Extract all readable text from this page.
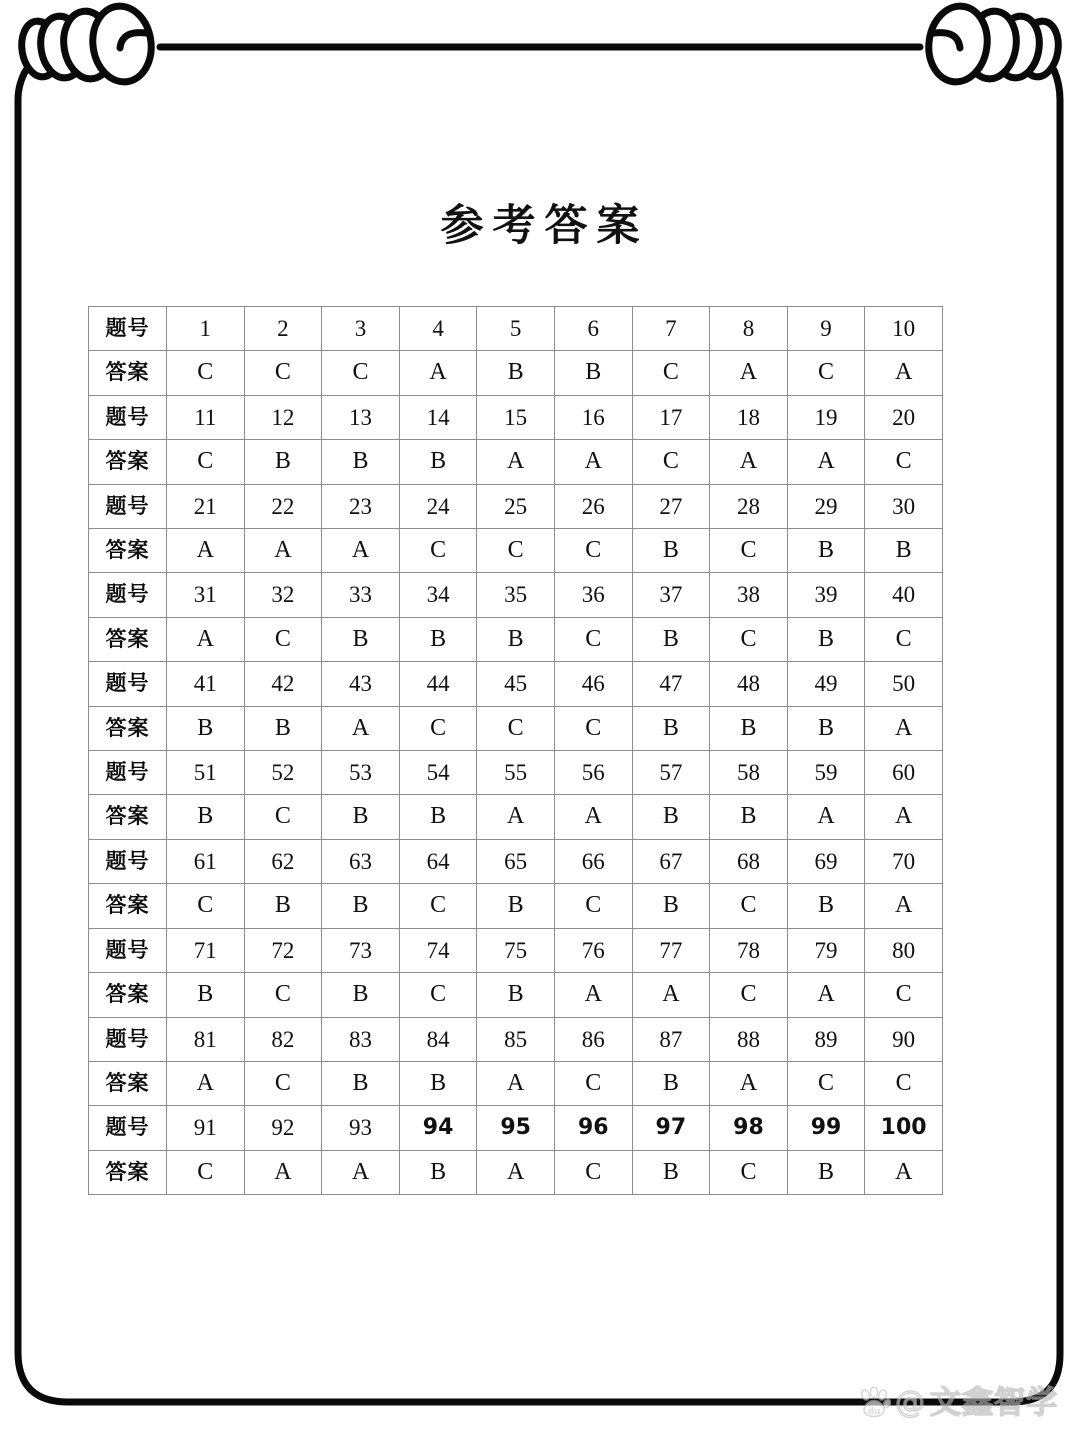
参考答案
题号	1	2	3	4	5	6	7	8	9	10
答案	C	C	C	A	B	B	C	A	C	A
题号	11	12	13	14	15	16	17	18	19	20
答案	C	B	B	B	A	A	C	A	A	C
题号	21	22	23	24	25	26	27	28	29	30
答案	A	A	A	C	C	C	B	C	B	B
题号	31	32	33	34	35	36	37	38	39	40
答案	A	C	B	B	B	C	B	C	B	C
题号	41	42	43	44	45	46	47	48	49	50
答案	B	B	A	C	C	C	B	B	B	A
题号	51	52	53	54	55	56	57	58	59	60
答案	B	C	B	B	A	A	B	B	A	A
题号	61	62	63	64	65	66	67	68	69	70
答案	C	B	B	C	B	C	B	C	B	A
题号	71	72	73	74	75	76	77	78	79	80
答案	B	C	B	C	B	A	A	C	A	C
题号	81	82	83	84	85	86	87	88	89	90
答案	A	C	B	B	A	C	B	A	C	C
题号	91	92	93	94	95	96	97	98	99	100
答案	C	A	A	B	A	C	B	C	B	A
du @ 文鑫智学
